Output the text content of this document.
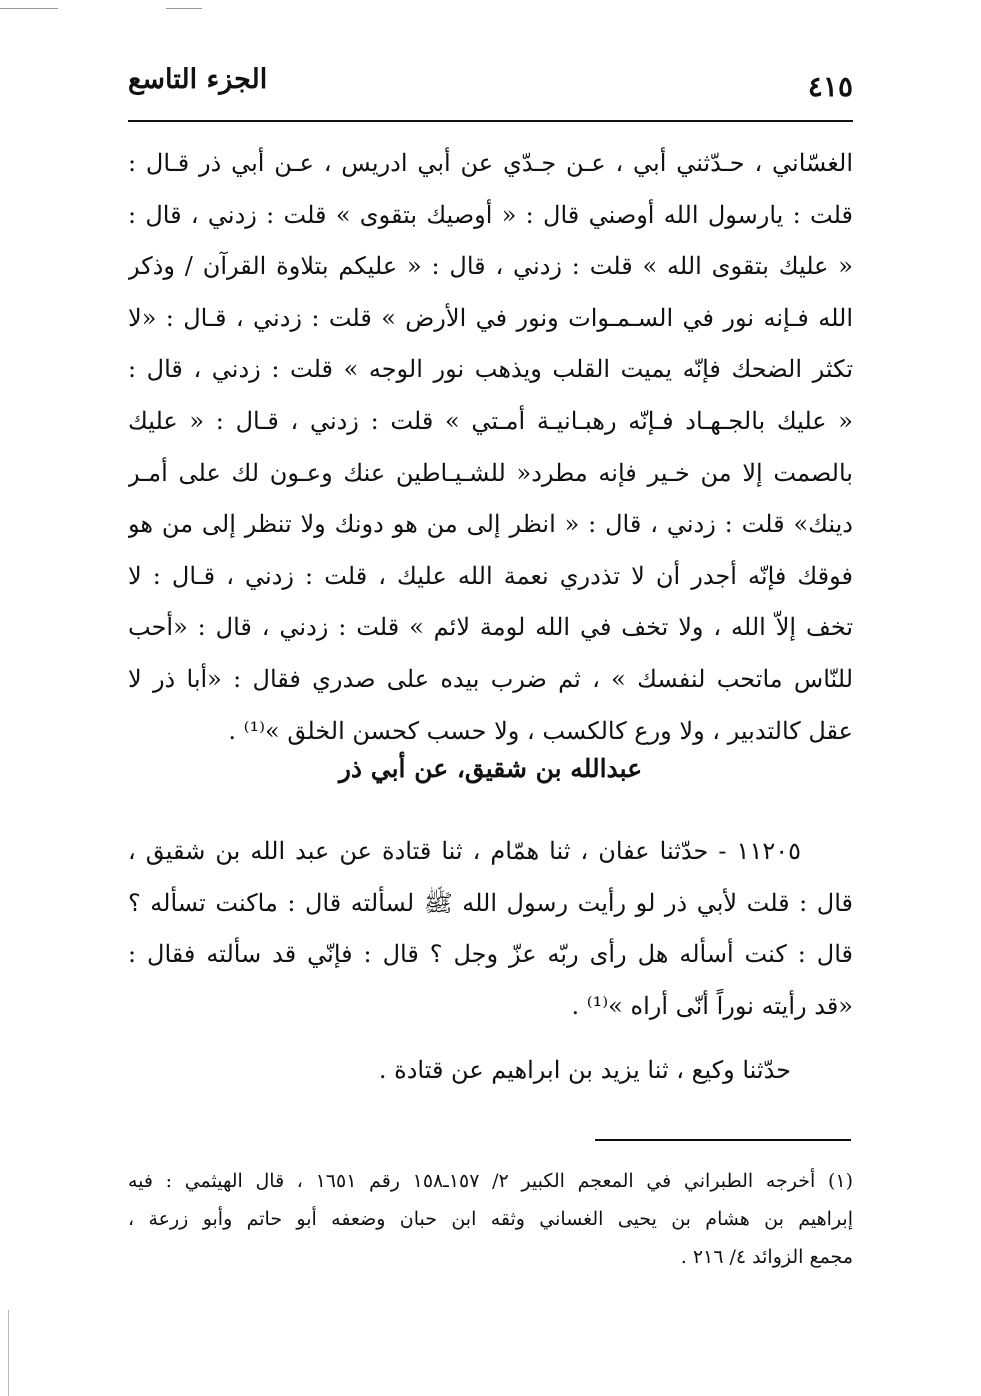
الجزء التاسع	٤١٥
الغسّاني ، حـدّثني أبي ، عـن جـدّي عن أبي ادريس ، عـن أبي ذر قـال :
قلت : يارسول الله أوصني قال : « أوصيك بتقوى » قلت : زدني ، قال :
« عليك بتقوى الله » قلت : زدني ، قال : « عليكم بتلاوة القرآن / وذكر
الله فـإنه نور في السـمـوات ونور في الأرض » قلت : زدني ، قـال : «لا
تكثر الضحك فإنّه يميت القلب ويذهب نور الوجه » قلت : زدني ، قال :
« عليك بالجـهـاد فـإنّه رهبـانيـة أمـتي » قلت : زدني ، قـال : « عليك
بالصمت إلا من خـير فإنه مطرد« للشـيـاطين عنك وعـون لك على أمـر
دينك» قلت : زدني ، قال : « انظر إلى من هو دونك ولا تنظر إلى من هو
فوقك فإنّه أجدر أن لا تذدري نعمة الله عليك ، قلت : زدني ، قـال : لا
تخف إلاّ الله ، ولا تخف في الله لومة لائم » قلت : زدني ، قال : «أحب
للنّاس ماتحب لنفسك » ، ثم ضرب بيده على صدري فقال : «أبا ذر لا
عقل كالتدبير ، ولا ورع كالكسب ، ولا حسب كحسن الخلق »⁽¹⁾ .
عبدالله بن شقيق، عن أبي ذر
١١٢٠٥ - حدّثنا عفان ، ثنا همّام ، ثنا قتادة عن عبد الله بن شقيق ،
قال : قلت لأبي ذر لو رأيت رسول الله ﷺ لسألته قال : ماكنت تسأله ؟
قال : كنت أسأله هل رأى ربّه عزّ وجل ؟ قال : فإنّي قد سألته فقال :
«قد رأيته نوراً أنّى أراه »⁽¹⁾ .
حدّثنا وكيع ، ثنا يزيد بن ابراهيم عن قتادة .
(١) أخرجه الطبراني في المعجم الكبير ٢/ ١٥٧ـ١٥٨ رقم ١٦٥١ ، قال الهيثمي : فيه
إبراهيم بن هشام بن يحيى الغساني وثقه ابن حبان وضعفه أبو حاتم وأبو زرعة ،
مجمع الزوائد ٤/ ٢١٦ .
